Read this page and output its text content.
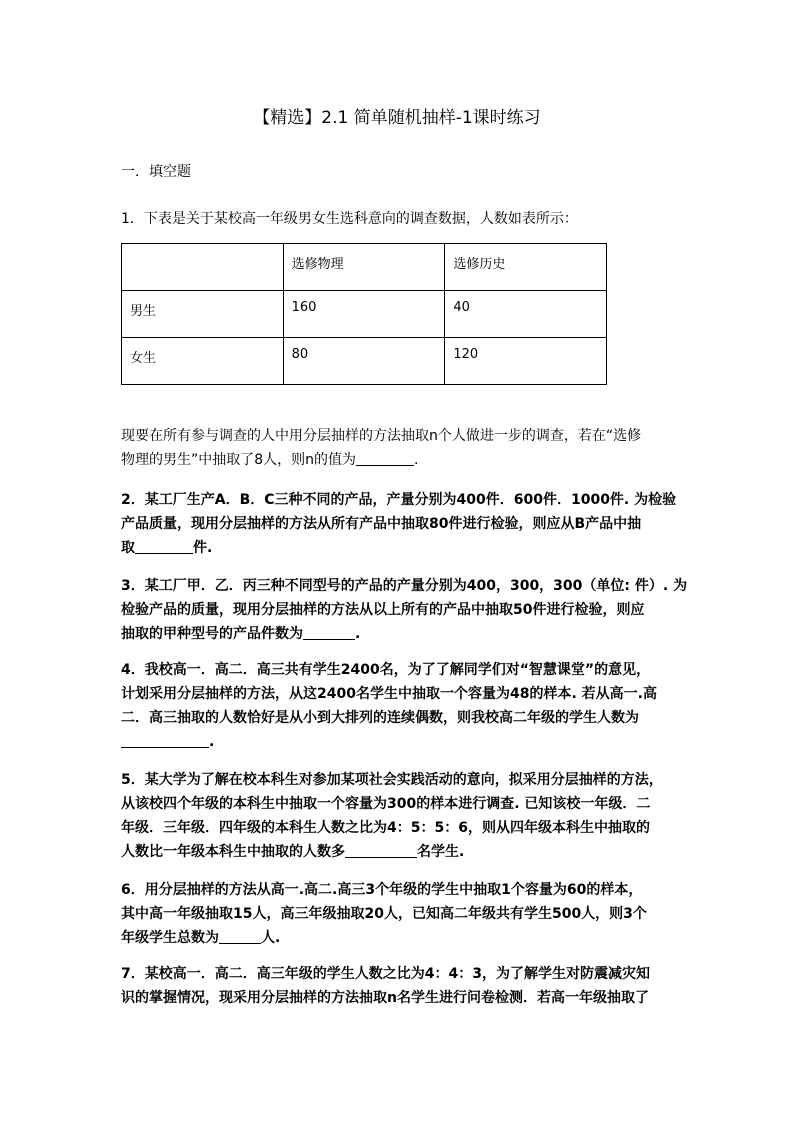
【精选】2.1 简单随机抽样-1课时练习
一．填空题

1．下表是关于某校高一年级男女生选科意向的调查数据，人数如表所示：

	选修物理	选修历史
男生	160	40
女生	80	120

现要在所有参与调查的人中用分层抽样的方法抽取n个人做进一步的调查，若在“选修

物理的男生”中抽取了8人，则n的值为	.

2．某工厂生产A．B．C三种不同的产品，产量分别为400件．600件．1000件. 为检验

产品质量，现用分层抽样的方法从所有产品中抽取80件进行检验，则应从B产品中抽

取	件.

3．某工厂甲．乙．丙三种不同型号的产品的产量分别为400，300，300（单位: 件）. 为

检验产品的质量，现用分层抽样的方法从以上所有的产品中抽取50件进行检验，则应

抽取的甲种型号的产品件数为	.

4．我校高一．高二．高三共有学生2400名，为了了解同学们对“智慧课堂”的意见，

计划采用分层抽样的方法，从这2400名学生中抽取一个容量为48的样本. 若从高一.高

二．高三抽取的人数恰好是从小到大排列的连续偶数，则我校高二年级的学生人数为

.

5．某大学为了解在校本科生对参加某项社会实践活动的意向，拟采用分层抽样的方法，

从该校四个年级的本科生中抽取一个容量为300的样本进行调查. 已知该校一年级．二

年级．三年级．四年级的本科生人数之比为4：5：5：6，则从四年级本科生中抽取的

人数比一年级本科生中抽取的人数多	名学生.

6．用分层抽样的方法从高一.高二.高三3个年级的学生中抽取1个容量为60的样本，

其中高一年级抽取15人，高三年级抽取20人，已知高二年级共有学生500人，则3个

年级学生总数为	人.

7．某校高一．高二．高三年级的学生人数之比为4：4：3，为了解学生对防震减灾知

识的掌握情况，现采用分层抽样的方法抽取n名学生进行问卷检测．若高一年级抽取了
